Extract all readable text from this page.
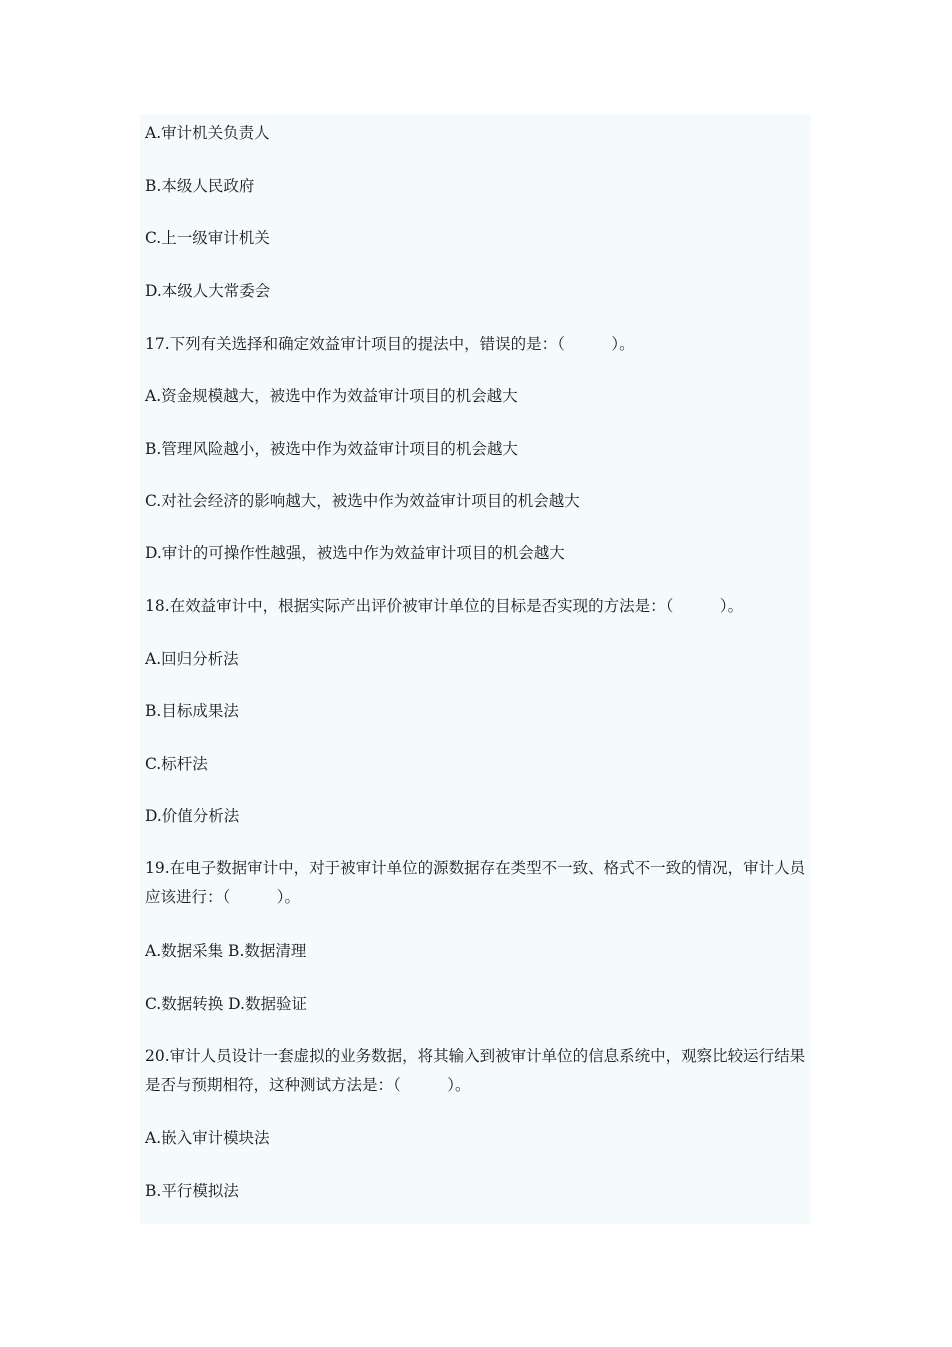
A.审计机关负责人
B.本级人民政府
C.上一级审计机关
D.本级人大常委会
17.下列有关选择和确定效益审计项目的提法中，错误的是：（　　　）。
A.资金规模越大，被选中作为效益审计项目的机会越大
B.管理风险越小，被选中作为效益审计项目的机会越大
C.对社会经济的影响越大，被选中作为效益审计项目的机会越大
D.审计的可操作性越强，被选中作为效益审计项目的机会越大
18.在效益审计中，根据实际产出评价被审计单位的目标是否实现的方法是：（　　　）。
A.回归分析法
B.目标成果法
C.标杆法
D.价值分析法
19.在电子数据审计中，对于被审计单位的源数据存在类型不一致、格式不一致的情况，审计人员应该进行：（　　　）。
A.数据采集 B.数据清理
C.数据转换 D.数据验证
20.审计人员设计一套虚拟的业务数据，将其输入到被审计单位的信息系统中，观察比较运行结果是否与预期相符，这种测试方法是：（　　　）。
A.嵌入审计模块法
B.平行模拟法
